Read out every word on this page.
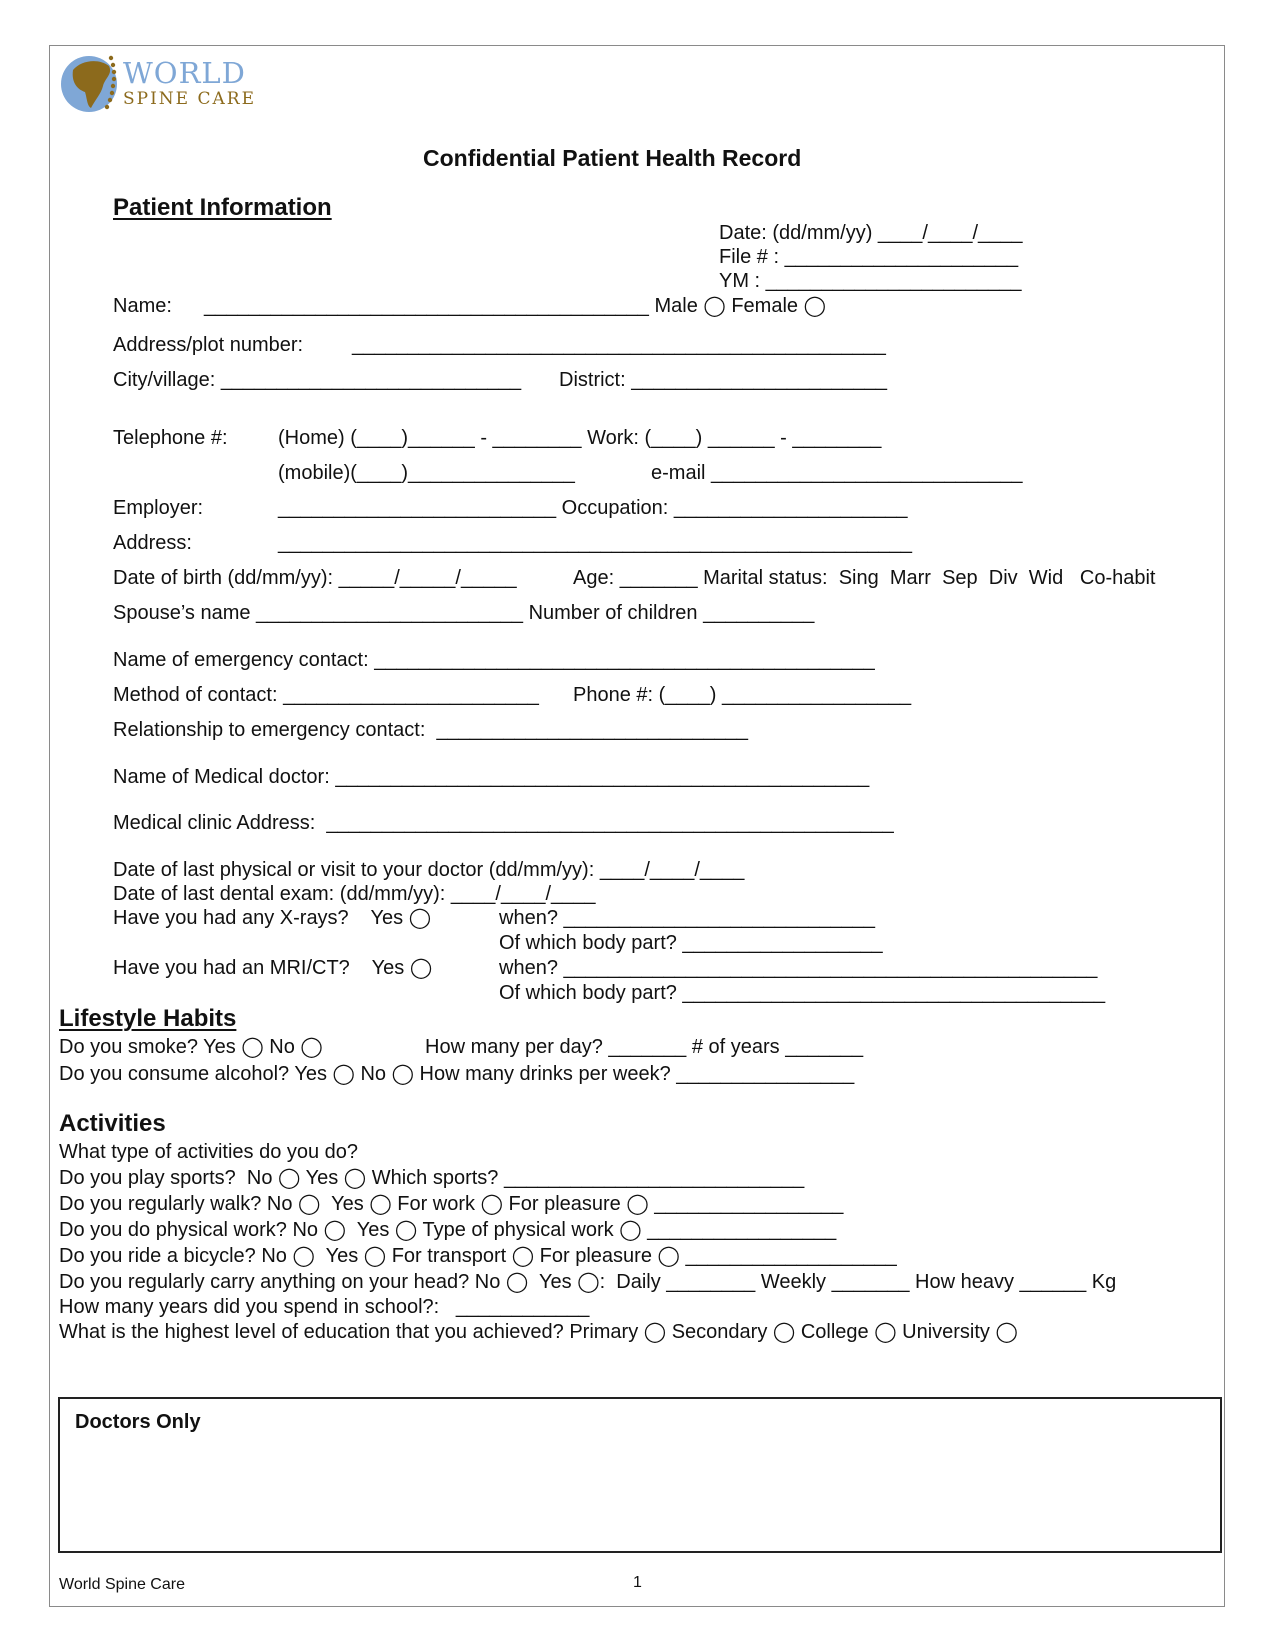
WORLD
SPINE CARE
Confidential Patient Health Record
Patient Information
Date: (dd/mm/yy) ____/____/____
File # : _____________________
YM : _______________________
Name: ________________________________________ Male ◯ Female ◯
Address/plot number: ________________________________________________
City/village: ___________________________ District: _______________________
Telephone #:	(Home) (____)______ - ________ Work: (____) ______ - ________
(mobile)(____)_______________	e-mail ____________________________
Employer:	_________________________ Occupation: _____________________
Address:	_________________________________________________________
Date of birth (dd/mm/yy): _____/_____/_____	Age: _______ Marital status:  Sing  Marr  Sep  Div  Wid   Co-habit
Spouse’s name ________________________ Number of children __________
Name of emergency contact: _____________________________________________
Method of contact: _______________________ Phone #: (____) _________________
Relationship to emergency contact:  ____________________________
Name of Medical doctor: ________________________________________________
Medical clinic Address:  ___________________________________________________
Date of last physical or visit to your doctor (dd/mm/yy): ____/____/____
Date of last dental exam: (dd/mm/yy): ____/____/____
Have you had any X-rays?    Yes ◯	when? ____________________________
Of which body part? __________________
Have you had an MRI/CT?    Yes ◯	when? ________________________________________________
Of which body part? ______________________________________
Lifestyle Habits
Do you smoke? Yes ◯ No ◯	How many per day? _______ # of years _______
Do you consume alcohol? Yes ◯ No ◯ How many drinks per week? ________________
Activities
What type of activities do you do?
Do you play sports?  No ◯ Yes ◯ Which sports? ___________________________
Do you regularly walk? No ◯  Yes ◯ For work ◯ For pleasure ◯ _________________
Do you do physical work? No ◯  Yes ◯ Type of physical work ◯ _________________
Do you ride a bicycle? No ◯  Yes ◯ For transport ◯ For pleasure ◯ ___________________
Do you regularly carry anything on your head? No ◯  Yes ◯:  Daily ________ Weekly _______ How heavy ______ Kg
How many years did you spend in school?:   ____________
What is the highest level of education that you achieved? Primary ◯ Secondary ◯ College ◯ University ◯
Doctors Only
World Spine Care	1
